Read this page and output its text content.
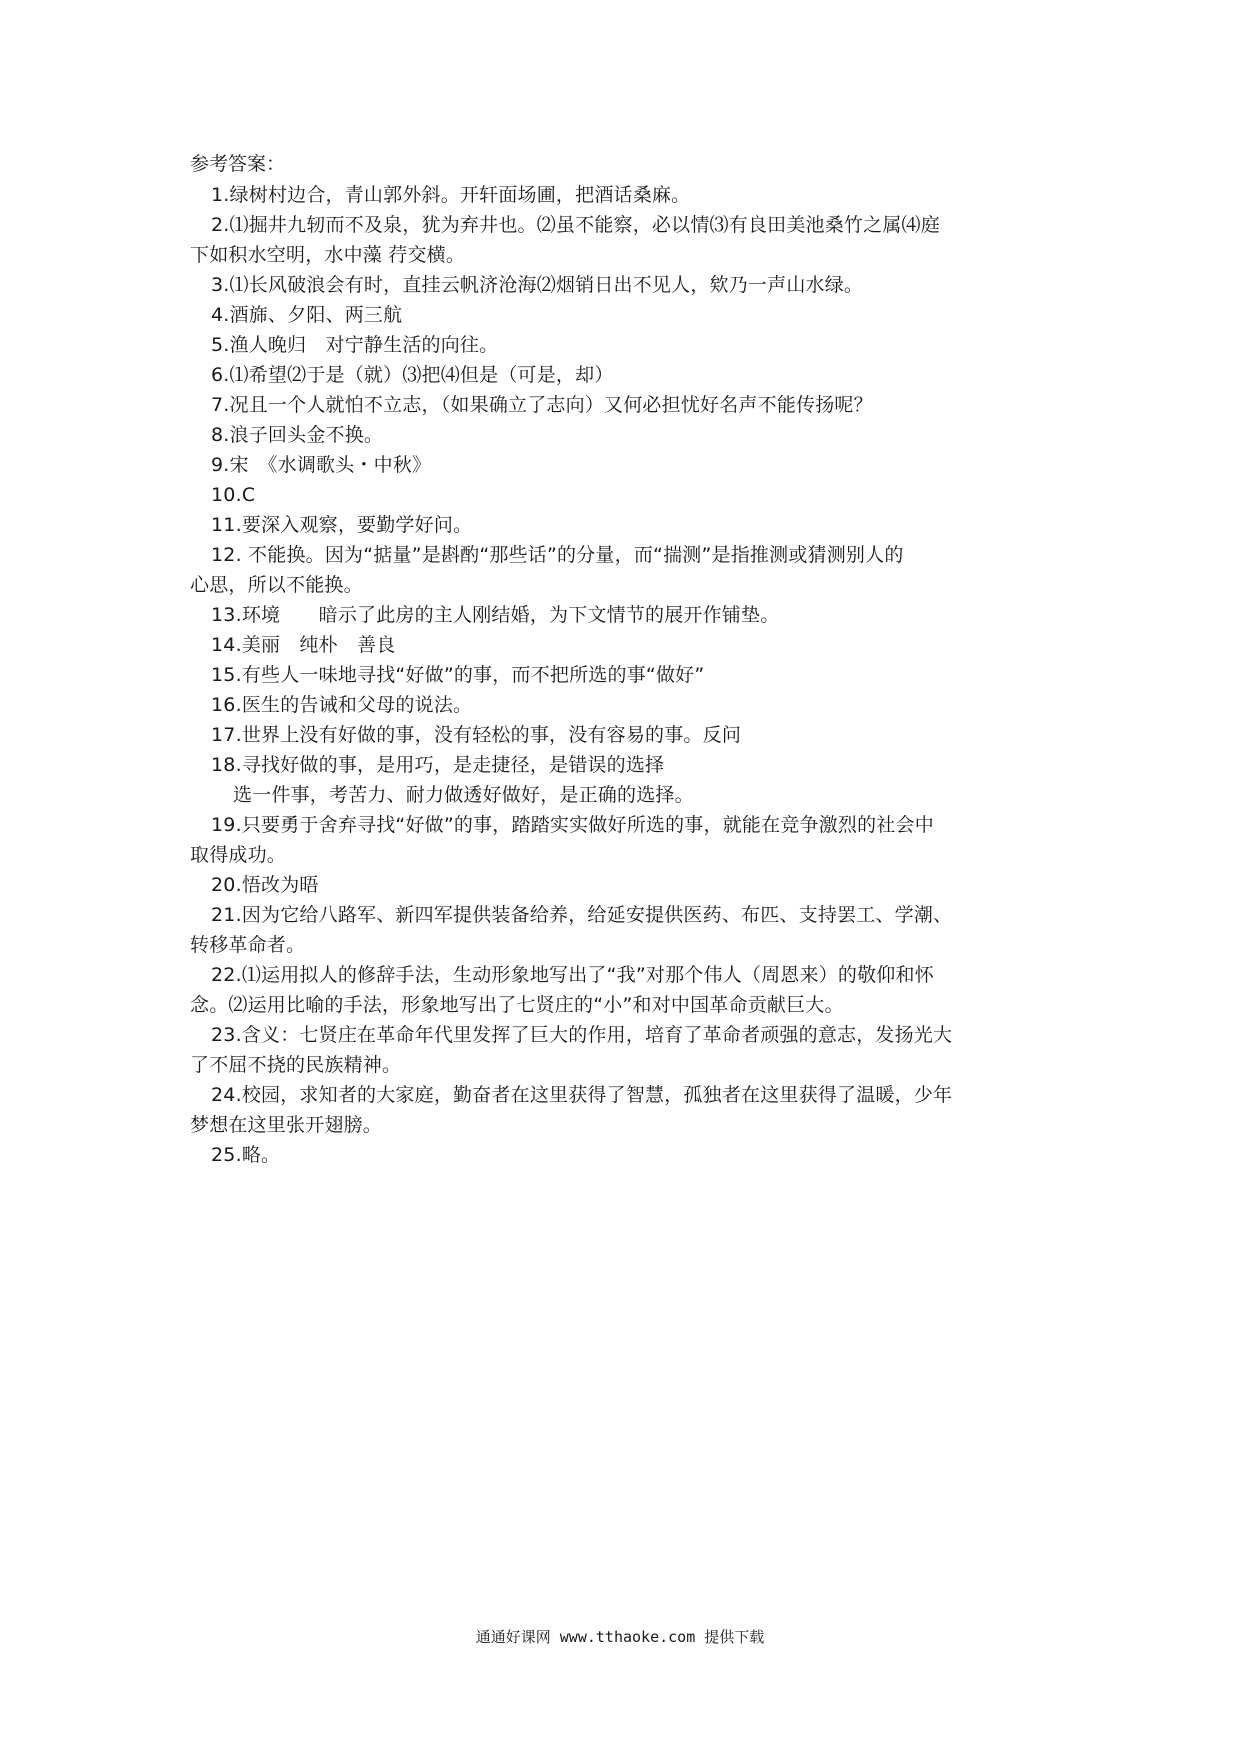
参考答案：
1.绿树村边合，青山郭外斜。开轩面场圃，把酒话桑麻。
2.⑴掘井九轫而不及泉，犹为弃井也。⑵虽不能察，必以情⑶有良田美池桑竹之属⑷庭
下如积水空明，水中藻 荇交横。
3.⑴长风破浪会有时，直挂云帆济沧海⑵烟销日出不见人，欸乃一声山水绿。
4.酒旆、夕阳、两三航
5.渔人晚归　对宁静生活的向往。
6.⑴希望⑵于是（就）⑶把⑷但是（可是，却）
7.况且一个人就怕不立志，（如果确立了志向）又何必担忧好名声不能传扬呢？
8.浪子回头金不换。
9.宋　《水调歌头・中秋》
10.C
11.要深入观察，要勤学好问。
12. 不能换。因为“掂量”是斟酌“那些话”的分量，而“揣测”是指推测或猜测别人的
心思，所以不能换。
13.环境　　暗示了此房的主人刚结婚，为下文情节的展开作铺垫。
14.美丽　纯朴　善良
15.有些人一味地寻找“好做”的事，而不把所选的事“做好”
16.医生的告诫和父母的说法。
17.世界上没有好做的事，没有轻松的事，没有容易的事。反问
18.寻找好做的事，是用巧，是走捷径，是错误的选择
选一件事，考苦力、耐力做透好做好，是正确的选择。
19.只要勇于舍弃寻找“好做”的事，踏踏实实做好所选的事，就能在竞争激烈的社会中
取得成功。
20.悟改为晤
21.因为它给八路军、新四军提供装备给养，给延安提供医药、布匹、支持罢工、学潮、
转移革命者。
22.⑴运用拟人的修辞手法，生动形象地写出了“我”对那个伟人（周恩来）的敬仰和怀
念。⑵运用比喻的手法，形象地写出了七贤庄的“小”和对中国革命贡献巨大。
23.含义：七贤庄在革命年代里发挥了巨大的作用，培育了革命者顽强的意志，发扬光大
了不屈不挠的民族精神。
24.校园，求知者的大家庭，勤奋者在这里获得了智慧，孤独者在这里获得了温暖，少年
梦想在这里张开翅膀。
25.略。
通通好课网 www.tthaoke.com 提供下载
